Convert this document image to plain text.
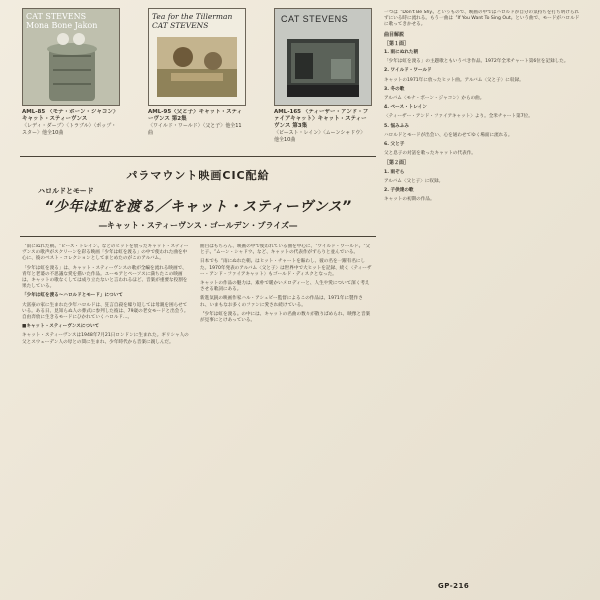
CAT STEVENS
Mona Bone Jakon
AML-85 〈モナ・ボーン・ジャコン〉キャット・スティーヴンス
〈レディ・ダーブ〉〈トラブル〉〈ポップ・スター〉他全10曲
Tea for the Tillerman
CAT STEVENS
AML-95〈父と子〉キャット・スティーヴンス 第2集
〈ワイルド・ワールド〉〈父と子〉他全11曲
CAT STEVENS
AML-165 〈ティーザー・アンド・ファイアキャット〉キャット・スティーヴンス 第3集
〈ピースト・レイン〉〈ムーンシャドウ〉他全10曲
パラマウント映画CIC配給
ハロルドとモード
“少年は虹を渡る／キャット・スティーヴンス”
―キャット・スティーヴンス・ゴールデン・プライズ―

〝雨にぬれた朝〟〝ピース・トレイン〟などのヒットを放ったキャット・スティーヴンスの歌声がスクリーンを彩る映画「少年は虹を渡る」の中で使われた曲を中心に、彼のベスト・コレクションとしてまとめたのがこのアルバム。

「少年は虹を渡る」は、キャット・スティーヴンスの歌が全編を流れる映画で、青年と老婆の不思議な愛を描いた作品。ユーモアとペーソスに満ちたこの映画は、キャットの歌なくしては成り立たないと言われるほど、音楽が重要な役割を果たしている。

「少年は虹を渡る～ハロルドとモード」について

大富豪の家に生まれた少年ハロルドは、狂言自殺を繰り返しては母親を困らせている。ある日、見知らぬ人の葬式に参列した彼は、79歳の老女モードと出会う。自由奔放に生きるモードにひかれていくハロルド…。

■キャット・スティーヴンスについて

キャット・スティーヴンスは1948年7月21日ロンドンに生まれた。ギリシャ人の父とスウェーデン人の母との間に生まれ、少年時代から音楽に親しんだ。

曲目はもちろん、映画の中で使われている曲を中心に、〝ワイルド・ワールド〟〝父と子〟〝ムーン・シャドウ〟など、キャットの代表作がずらりと並んでいる。

日本でも〝雨にぬれた朝〟はヒット・チャートを賑わし、彼の名を一躍有名にした。1970年発表のアルバム〈父と子〉は世界中で大ヒットを記録、続く〈ティーザー・アンド・ファイアキャット〉もゴールド・ディスクとなった。

キャットの作品の魅力は、素朴で暖かいメロディーと、人生や愛について深く考えさせる歌詞にある。

新進気鋭の映画作家ハル・アシュビー監督によるこの作品は、1971年に製作され、いまもなお多くのファンに愛され続けている。

〝少年は虹を渡る〟の中には、キャットの名曲の数々が散りばめられ、映像と音楽が見事にとけあっている。

一つは〝Don't Be Shy〟というもので、映画の中ではハロルドが自分の気持ちを打ち明けられずにいる時に流れる。もう一曲は〝If You Want To Sing Out〟という曲で、モードがハロルドに歌ってきかせる。

曲目解説

［第１面］

1. 雨にぬれた朝

「少年は虹を渡る」の主題歌ともいうべき作品。1972年全米チャート第6位を記録した。

2. ワイルド・ワールド

キャットの1971年に放ったヒット曲。アルバム〈父と子〉に収録。

3. 冬の歌

アルバム〈モナ・ボーン・ジャコン〉からの曲。

4. ペース・トレイン

〈ティーザー・アンド・ファイアキャット〉より。全米チャート第7位。

5. 悩みふみ

ハロルドとモードが出会い、心を通わせてゆく場面に流れる。

6. 父と子

父と息子の対話を歌ったキャットの代表作。

［第２面］

1. 雨ぞら

アルバム〈父と子〉に収録。

2. 子供達の歌

キャットの初期の作品。

GP-216
